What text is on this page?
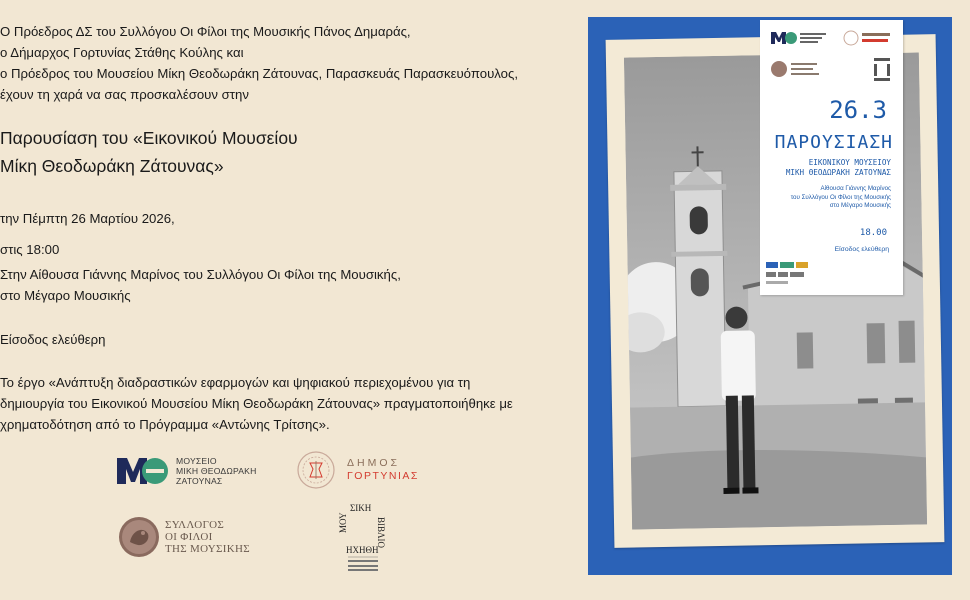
Ο Πρόεδρος ΔΣ του Συλλόγου Οι Φίλοι της Μουσικής Πάνος Δημαράς,
ο Δήμαρχος Γορτυνίας Στάθης Κούλης και
ο Πρόεδρος του Μουσείου Μίκη Θεοδωράκη Ζάτουνας, Παρασκευάς Παρασκευόπουλος,
έχουν τη χαρά να σας προσκαλέσουν στην
Παρουσίαση του «Εικονικού Μουσείου
Μίκη Θεοδωράκη Ζάτουνας»
την Πέμπτη 26 Μαρτίου 2026,
στις 18:00
Στην Αίθουσα Γιάννης Μαρίνος του Συλλόγου Οι Φίλοι της Μουσικής,
στο Μέγαρο Μουσικής
Είσοδος ελεύθερη
Το έργο «Ανάπτυξη διαδραστικών εφαρμογών και ψηφιακού περιεχομένου για τη
δημιουργία του Εικονικού Μουσείου Μίκη Θεοδωράκη Ζάτουνας» πραγματοποιήθηκε με
χρηματοδότηση από το Πρόγραμμα «Αντώνης Τρίτσης».
ΜΟΥΣΕΙΟ
ΜΙΚΗ ΘΕΟΔΩΡΑΚΗ
ΖΑΤΟΥΝΑΣ
ΔΗΜΟΣ
ΓΟΡΤΥΝΙΑΣ
ΣΥΛΛΟΓΟΣ
ΟΙ ΦΙΛΟΙ
ΤΗΣ ΜΟΥΣΙΚΗΣ
ΣΙΚΗ
ΜΟΥ	ΒΙΒΛΙΟ
ΗΧΗΘΗ
26.3
ΠΑΡΟΥΣΙΑΣΗ
ΕΙΚΟΝΙΚΟΥ ΜΟΥΣΕΙΟΥ
ΜΙΚΗ ΘΕΟΔΩΡΑΚΗ ΖΑΤΟΥΝΑΣ
Αίθουσα Γιάννης Μαρίνος
του Συλλόγου Οι Φίλοι της Μουσικής
στο Μέγαρο Μουσικής
18.00
Είσοδος ελεύθερη
